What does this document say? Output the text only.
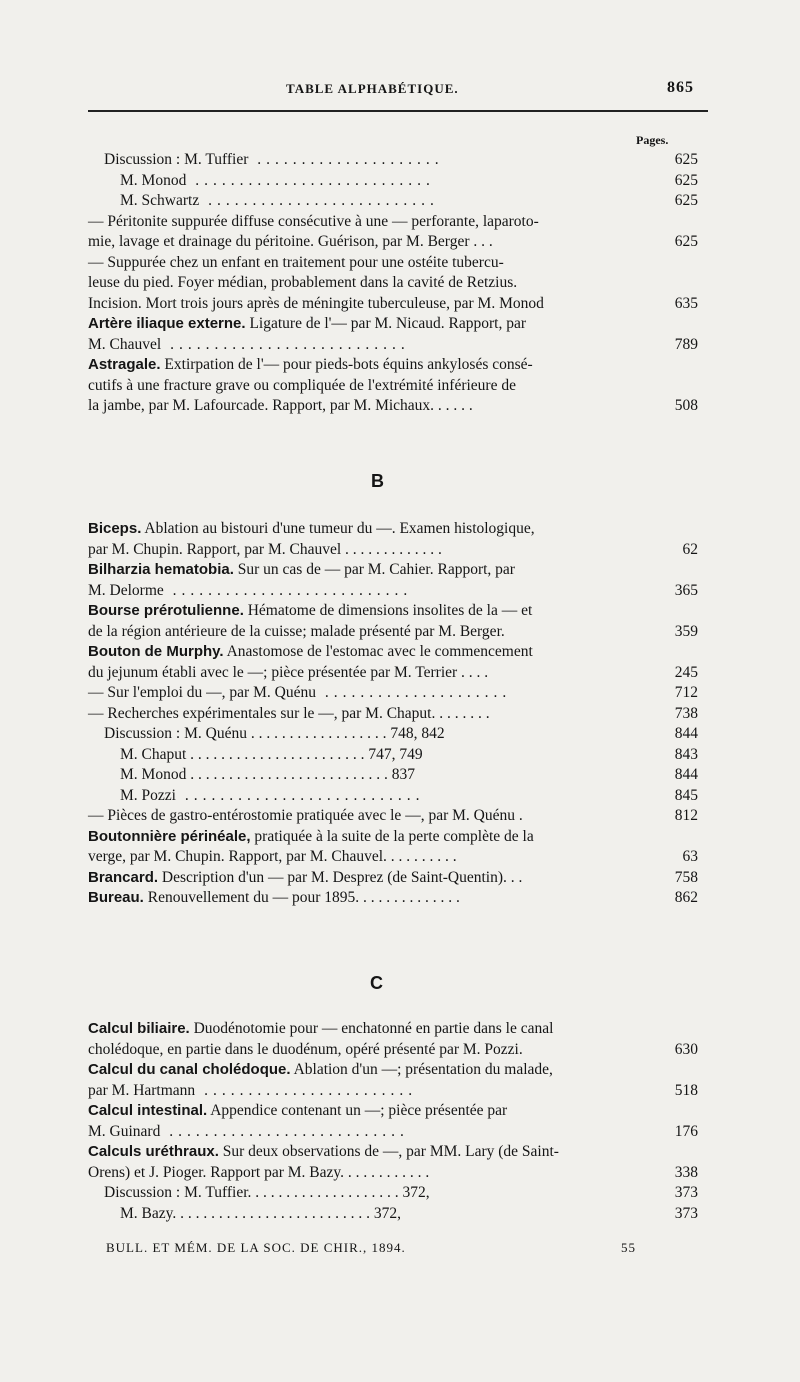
TABLE ALPHABÉTIQUE.	865
Pages.
Discussion : M. Tuffier .....................	625
M. Monod ...........................	625
M. Schwartz ..........................	625
— Péritonite suppurée diffuse consécutive à une — perforante, laparoto-
mie, lavage et drainage du péritoine. Guérison, par M. Berger . . .	625
— Suppurée chez un enfant en traitement pour une ostéite tubercu-
leuse du pied. Foyer médian, probablement dans la cavité de Retzius.
Incision. Mort trois jours après de méningite tuberculeuse, par M. Monod	635
Artère iliaque externe. Ligature de l'— par M. Nicaud. Rapport, par
M. Chauvel ...........................	789
Astragale. Extirpation de l'— pour pieds-bots équins ankylosés consé-
cutifs à une fracture grave ou compliquée de l'extrémité inférieure de
la jambe, par M. Lafourcade. Rapport, par M. Michaux. . . . . .	508
B
Biceps. Ablation au bistouri d'une tumeur du —. Examen histologique,
par M. Chupin. Rapport, par M. Chauvel . . . . . . . . . . . . .	62
Bilharzia hematobia. Sur un cas de — par M. Cahier. Rapport, par
M. Delorme ...........................	365
Bourse prérotulienne. Hématome de dimensions insolites de la — et
de la région antérieure de la cuisse; malade présenté par M. Berger.	359
Bouton de Murphy. Anastomose de l'estomac avec le commencement
du jejunum établi avec le —; pièce présentée par M. Terrier . . . .	245
— Sur l'emploi du —, par M. Quénu .....................	712
— Recherches expérimentales sur le —, par M. Chaput. . . . . . . .	738
Discussion : M. Quénu . . . . . . . . . . . . . . . . . . 748, 842	844
M. Chaput . . . . . . . . . . . . . . . . . . . . . . . 747, 749	843
M. Monod . . . . . . . . . . . . . . . . . . . . . . . . . . 837	844
M. Pozzi ...........................	845
— Pièces de gastro-entérostomie pratiquée avec le —, par M. Quénu .	812
Boutonnière périnéale, pratiquée à la suite de la perte complète de la
verge, par M. Chupin. Rapport, par M. Chauvel. . . . . . . . . .	63
Brancard. Description d'un — par M. Desprez (de Saint-Quentin). . .	758
Bureau. Renouvellement du — pour 1895. . . . . . . . . . . . . .	862
C
Calcul biliaire. Duodénotomie pour — enchatonné en partie dans le canal
cholédoque, en partie dans le duodénum, opéré présenté par M. Pozzi.	630
Calcul du canal cholédoque. Ablation d'un —; présentation du malade,
par M. Hartmann ........................	518
Calcul intestinal. Appendice contenant un —; pièce présentée par
M. Guinard ...........................	176
Calculs uréthraux. Sur deux observations de —, par MM. Lary (de Saint-
Orens) et J. Pioger. Rapport par M. Bazy. . . . . . . . . . . .	338
Discussion : M. Tuffier. . . . . . . . . . . . . . . . . . . . 372,	373
M. Bazy. . . . . . . . . . . . . . . . . . . . . . . . . . 372,	373
BULL. ET MÉM. DE LA SOC. DE CHIR., 1894.	55
